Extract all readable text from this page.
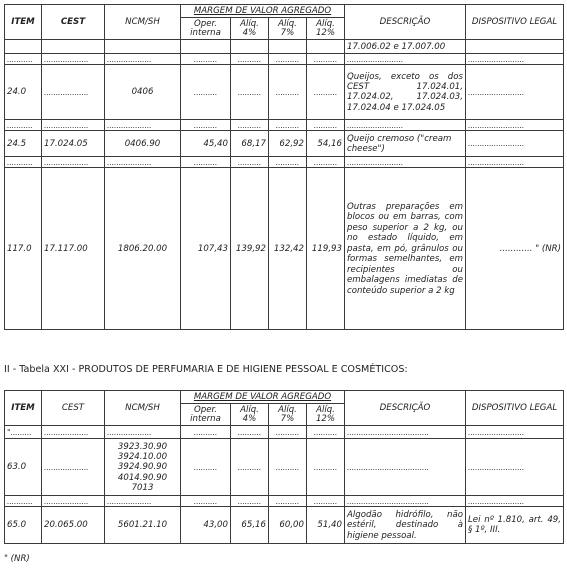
ITEM	CEST	NCM/SH	MARGEM DE VALOR AGREGADO				DESCRIÇÃO	DISPOSITIVO LEGAL
			Oper. interna	Alíq. 4%	Alíq. 7%	Alíq. 12%		
							17.006.02 e 17.007.00	
...........	...................	...................	..........	..........	..........	..........	........................	........................
24.0	...................	0406	..........	..........	..........	..........	Queijos, exceto os dos CEST 17.024.01, 17.024.02, 17.024.03, 17.024.04 e 17.024.05	........................
...........	...................	...................	..........	..........	..........	..........	........................	........................
24.5	17.024.05	0406.90	45,40	68,17	62,92	54,16	Queijo cremoso ("cream cheese")	........................
...........	...................	...................	..........	..........	..........	..........	........................	........................
117.0	17.117.00	1806.20.00	107,43	139,92	132,42	119,93	Outras preparações em blocos ou em barras, com peso superior a 2 kg, ou no estado líquido, em pasta, em pó, grânulos ou formas semelhantes, em recipientes ou embalagens imediatas de conteúdo superior a 2 kg	............ " (NR)
II - Tabela XXI - PRODUTOS DE PERFUMARIA E DE HIGIENE PESSOAL E COSMÉTICOS:
ITEM	CEST	NCM/SH	MARGEM DE VALOR AGREGADO				DESCRIÇÃO	DISPOSITIVO LEGAL
			Oper. interna	Alíq. 4%	Alíq. 7%	Alíq. 12%		
".........	...................	...................	..........	..........	..........	..........	...................................	........................
63.0	...................	3923.30.90
3924.10.00
3924.90.90
4014.90.90
7013	..........	..........	..........	..........	...................................	........................
...........	...................	...................	..........	..........	..........	..........	...................................	........................
65.0	20.065.00	5601.21.10	43,00	65,16	60,00	51,40	Algodão hidrófilo, não estéril, destinado à higiene pessoal.	Lei nº 1.810, art. 49, § 1º, III.
" (NR)
